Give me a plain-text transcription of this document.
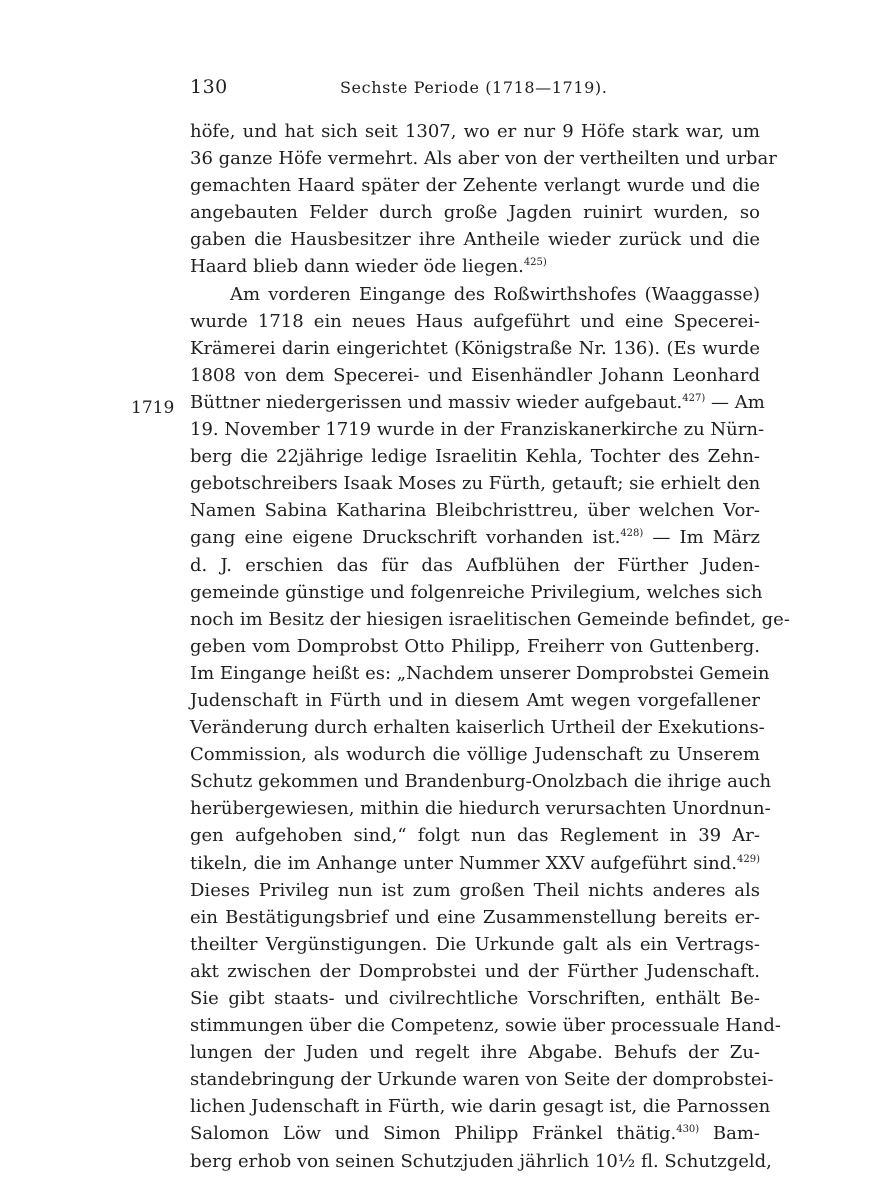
130	Sechste Periode (1718—1719).
1719
höfe, und hat sich seit 1307, wo er nur 9 Höfe stark war, um
36 ganze Höfe vermehrt. Als aber von der vertheilten und urbar
gemachten Haard später der Zehente verlangt wurde und die
angebauten Felder durch große Jagden ruinirt wurden, so
gaben die Hausbesitzer ihre Antheile wieder zurück und die
Haard blieb dann wieder öde liegen.$^{425)}$
Am vorderen Eingange des Roßwirthshofes (Waaggasse)
wurde 1718 ein neues Haus aufgeführt und eine Specerei-
Krämerei darin eingerichtet (Königstraße Nr. 136). (Es wurde
1808 von dem Specerei- und Eisenhändler Johann Leonhard
Büttner niedergerissen und massiv wieder aufgebaut.$^{427)}$ — Am
19. November 1719 wurde in der Franziskanerkirche zu Nürn-
berg die 22jährige ledige Israelitin Kehla, Tochter des Zehn-
gebotschreibers Isaak Moses zu Fürth, getauft; sie erhielt den
Namen Sabina Katharina Bleibchristtreu, über welchen Vor-
gang eine eigene Druckschrift vorhanden ist.$^{428)}$ — Im März
d. J. erschien das für das Aufblühen der Fürther Juden-
gemeinde günstige und folgenreiche Privilegium, welches sich
noch im Besitz der hiesigen israelitischen Gemeinde befindet, ge-
geben vom Domprobst Otto Philipp, Freiherr von Guttenberg.
Im Eingange heißt es: „Nachdem unserer Domprobstei Gemein
Judenschaft in Fürth und in diesem Amt wegen vorgefallener
Veränderung durch erhalten kaiserlich Urtheil der Exekutions-
Commission, als wodurch die völlige Judenschaft zu Unserem
Schutz gekommen und Brandenburg-Onolzbach die ihrige auch
herübergewiesen, mithin die hiedurch verursachten Unordnun-
gen aufgehoben sind,“ folgt nun das Reglement in 39 Ar-
tikeln, die im Anhange unter Nummer XXV aufgeführt sind.$^{429)}$
Dieses Privileg nun ist zum großen Theil nichts anderes als
ein Bestätigungsbrief und eine Zusammenstellung bereits er-
theilter Vergünstigungen. Die Urkunde galt als ein Vertrags-
akt zwischen der Domprobstei und der Fürther Judenschaft.
Sie gibt staats- und civilrechtliche Vorschriften, enthält Be-
stimmungen über die Competenz, sowie über processuale Hand-
lungen der Juden und regelt ihre Abgabe. Behufs der Zu-
standebringung der Urkunde waren von Seite der domprobstei-
lichen Judenschaft in Fürth, wie darin gesagt ist, die Parnossen
Salomon Löw und Simon Philipp Fränkel thätig.$^{430)}$ Bam-
berg erhob von seinen Schutzjuden jährlich 10½ fl. Schutzgeld,
